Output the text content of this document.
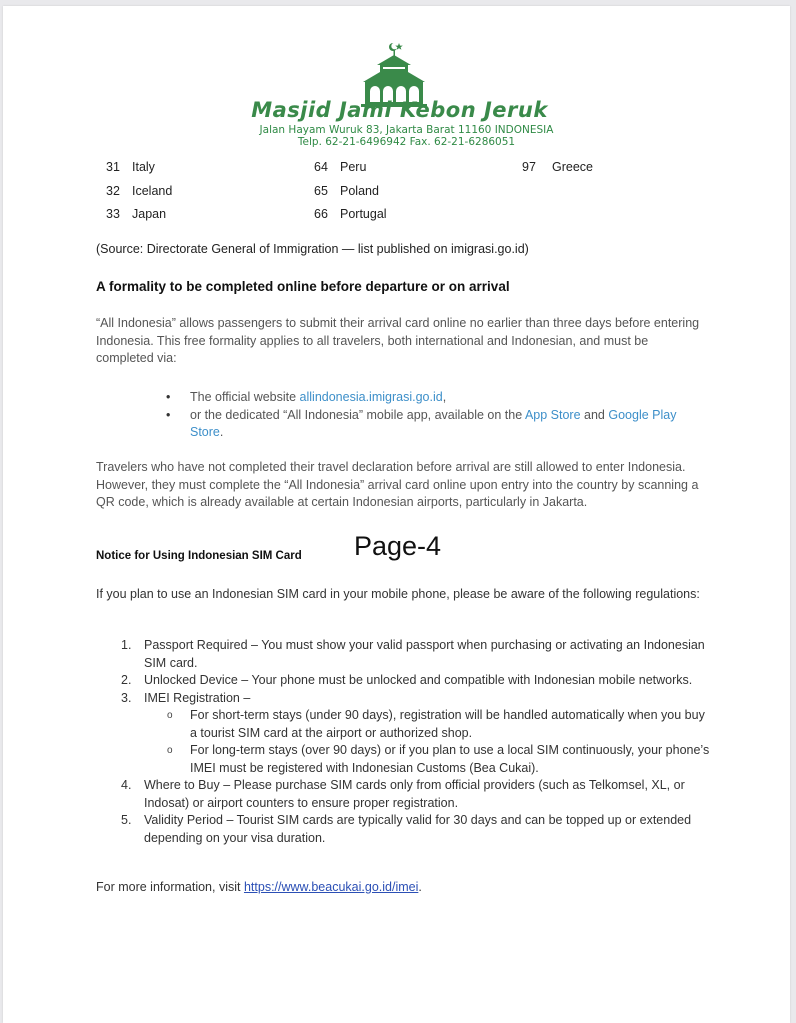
Masjid Jami Kebon Jeruk
Jalan Hayam Wuruk 83, Jakarta Barat 11160 INDONESIA
Telp. 62-21-6496942 Fax. 62-21-6286051
31 Italy	64 Peru	97 Greece
32 Iceland	65 Poland
33 Japan	66 Portugal
(Source: Directorate General of Immigration — list published on imigrasi.go.id)
A formality to be completed online before departure or on arrival
“All Indonesia” allows passengers to submit their arrival card online no earlier than three days before entering Indonesia. This free formality applies to all travelers, both international and Indonesian, and must be completed via:
• The official website allindonesia.imigrasi.go.id,
• or the dedicated “All Indonesia” mobile app, available on the App Store and Google Play Store.
Travelers who have not completed their travel declaration before arrival are still allowed to enter Indonesia. However, they must complete the “All Indonesia” arrival card online upon entry into the country by scanning a QR code, which is already available at certain Indonesian airports, particularly in Jakarta.
Notice for Using Indonesian SIM Card Page-4
If you plan to use an Indonesian SIM card in your mobile phone, please be aware of the following regulations:
1. Passport Required – You must show your valid passport when purchasing or activating an Indonesian SIM card.
2. Unlocked Device – Your phone must be unlocked and compatible with Indonesian mobile networks.
3. IMEI Registration –
o For short-term stays (under 90 days), registration will be handled automatically when you buy a tourist SIM card at the airport or authorized shop.
o For long-term stays (over 90 days) or if you plan to use a local SIM continuously, your phone’s IMEI must be registered with Indonesian Customs (Bea Cukai).
4. Where to Buy – Please purchase SIM cards only from official providers (such as Telkomsel, XL, or Indosat) or airport counters to ensure proper registration.
5. Validity Period – Tourist SIM cards are typically valid for 30 days and can be topped up or extended depending on your visa duration.
For more information, visit https://www.beacukai.go.id/imei.
